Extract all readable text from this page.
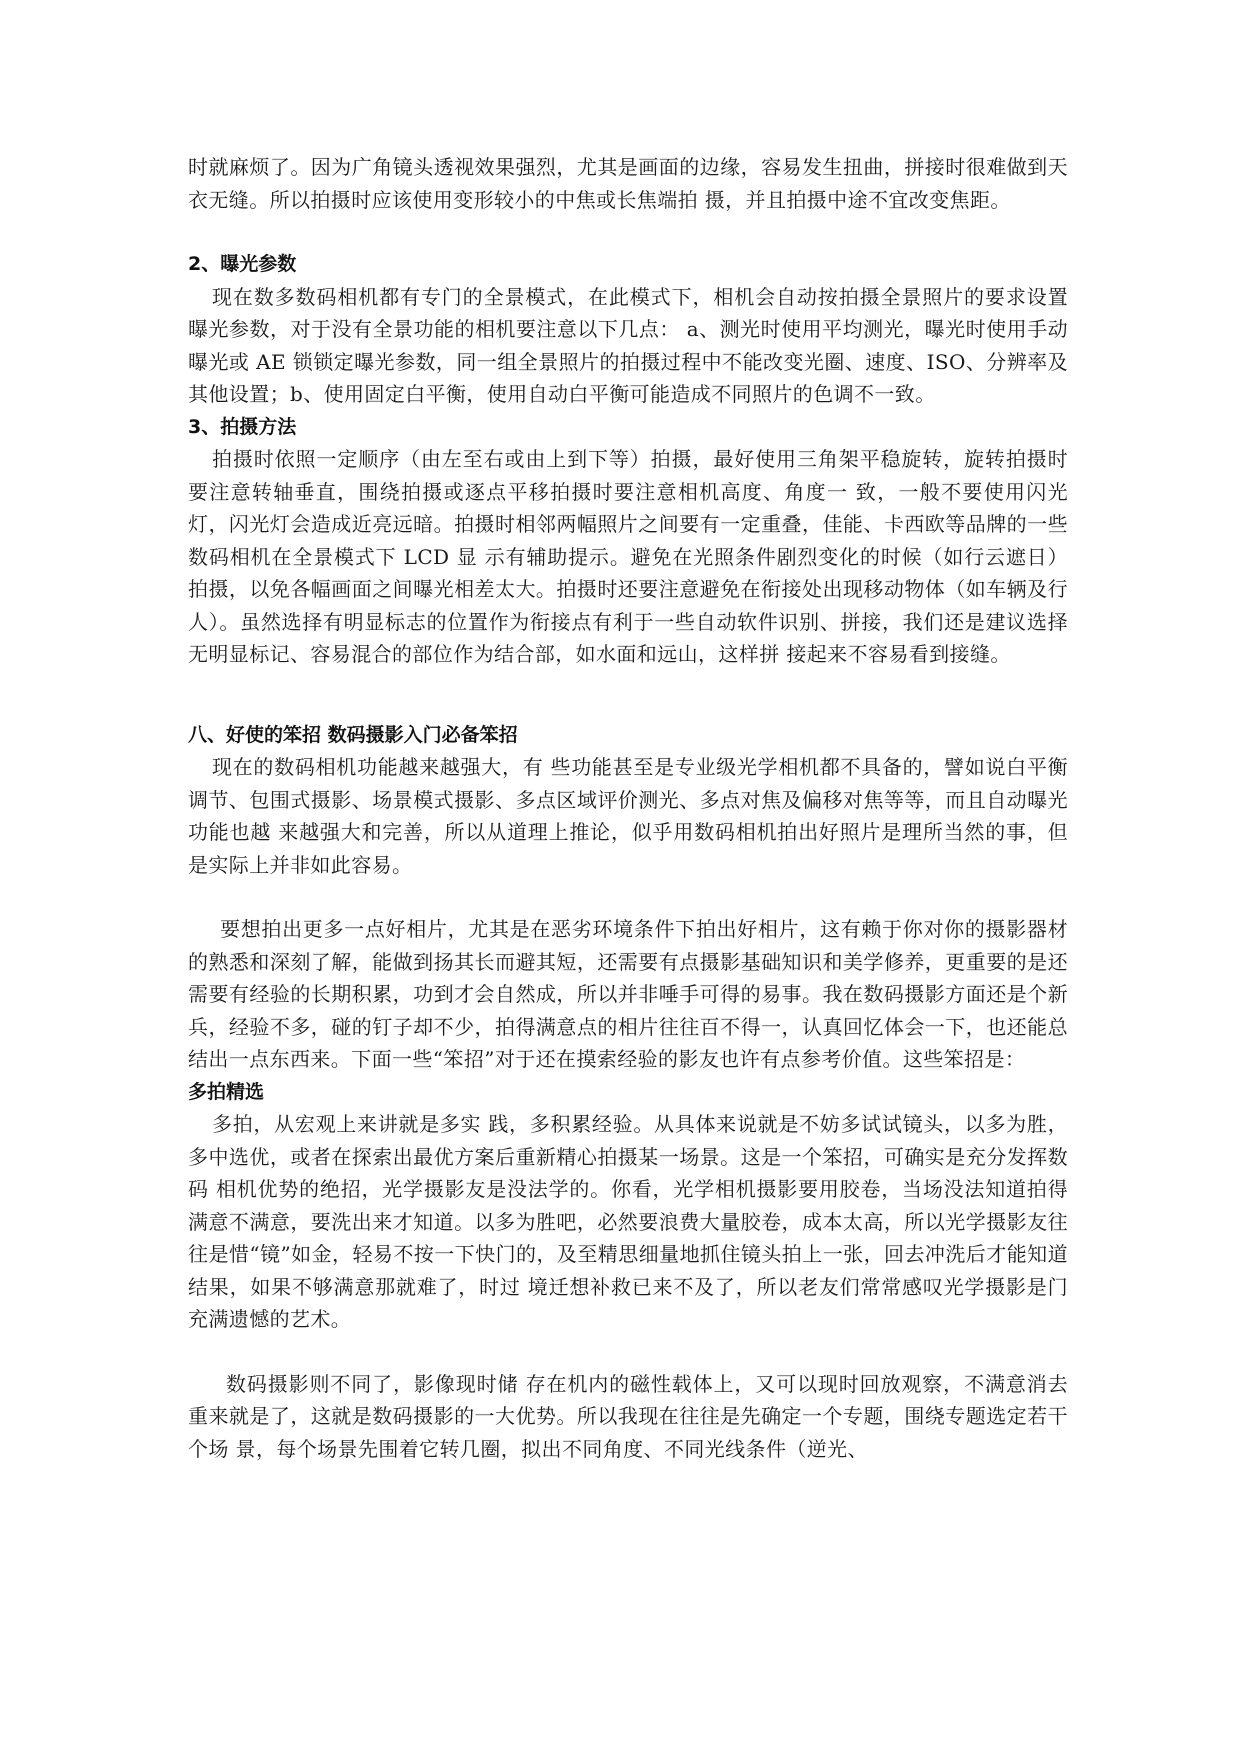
时就麻烦了。因为广角镜头透视效果强烈，尤其是画面的边缘，容易发生扭曲，拼接时很难做到天衣无缝。所以拍摄时应该使用变形较小的中焦或长焦端拍 摄，并且拍摄中途不宜改变焦距。

2、曝光参数

现在数多数码相机都有专门的全景模式，在此模式下，相机会自动按拍摄全景照片的要求设置曝光参数，对于没有全景功能的相机要注意以下几点： a、测光时使用平均测光，曝光时使用手动曝光或 AE 锁锁定曝光参数，同一组全景照片的拍摄过程中不能改变光圈、速度、ISO、分辨率及其他设置；b、使用固定白平衡，使用自动白平衡可能造成不同照片的色调不一致。

3、拍摄方法

拍摄时依照一定顺序（由左至右或由上到下等）拍摄，最好使用三角架平稳旋转，旋转拍摄时要注意转轴垂直，围绕拍摄或逐点平移拍摄时要注意相机高度、角度一 致，一般不要使用闪光灯，闪光灯会造成近亮远暗。拍摄时相邻两幅照片之间要有一定重叠，佳能、卡西欧等品牌的一些数码相机在全景模式下 LCD 显 示有辅助提示。避免在光照条件剧烈变化的时候（如行云遮日）拍摄，以免各幅画面之间曝光相差太大。拍摄时还要注意避免在衔接处出现移动物体（如车辆及行 人）。虽然选择有明显标志的位置作为衔接点有利于一些自动软件识别、拼接，我们还是建议选择无明显标记、容易混合的部位作为结合部，如水面和远山，这样拼 接起来不容易看到接缝。

八、好使的笨招 数码摄影入门必备笨招

现在的数码相机功能越来越强大，有 些功能甚至是专业级光学相机都不具备的，譬如说白平衡调节、包围式摄影、场景模式摄影、多点区域评价测光、多点对焦及偏移对焦等等，而且自动曝光功能也越 来越强大和完善，所以从道理上推论，似乎用数码相机拍出好照片是理所当然的事，但是实际上并非如此容易。

要想拍出更多一点好相片，尤其是在恶劣环境条件下拍出好相片，这有赖于你对你的摄影器材的熟悉和深刻了解，能做到扬其长而避其短，还需要有点摄影基础知识和美学修养，更重要的是还需要有经验的长期积累，功到才会自然成，所以并非唾手可得的易事。我在数码摄影方面还是个新兵，经验不多，碰的钉子却不少，拍得满意点的相片往往百不得一，认真回忆体会一下，也还能总结出一点东西来。下面一些“笨招”对于还在摸索经验的影友也许有点参考价值。这些笨招是：

多拍精选

多拍，从宏观上来讲就是多实 践，多积累经验。从具体来说就是不妨多试试镜头，以多为胜，多中选优，或者在探索出最优方案后重新精心拍摄某一场景。这是一个笨招，可确实是充分发挥数码 相机优势的绝招，光学摄影友是没法学的。你看，光学相机摄影要用胶卷，当场没法知道拍得满意不满意，要洗出来才知道。以多为胜吧，必然要浪费大量胶卷，成本太高，所以光学摄影友往往是惜“镜”如金，轻易不按一下快门的，及至精思细量地抓住镜头拍上一张，回去冲洗后才能知道结果，如果不够满意那就难了，时过 境迁想补救已来不及了，所以老友们常常感叹光学摄影是门充满遗憾的艺术。

数码摄影则不同了，影像现时储 存在机内的磁性载体上，又可以现时回放观察，不满意消去重来就是了，这就是数码摄影的一大优势。所以我现在往往是先确定一个专题，围绕专题选定若干个场 景，每个场景先围着它转几圈，拟出不同角度、不同光线条件（逆光、
